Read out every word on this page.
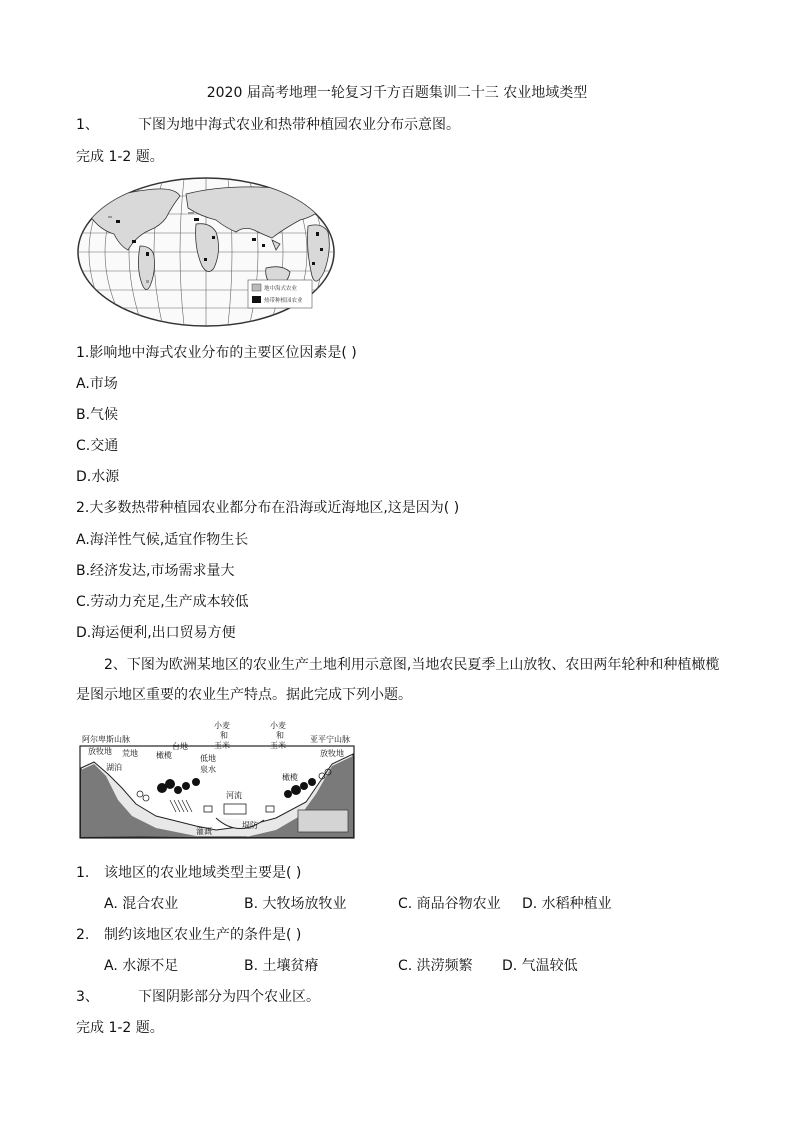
2020 届高考地理一轮复习千方百题集训二十三 农业地域类型
1、	下图为地中海式农业和热带种植园农业分布示意图。
完成 1-2 题。
地中海式农业
热带种植园农业
1.影响地中海式农业分布的主要区位因素是( )
A.市场
B.气候
C.交通
D.水源
2.大多数热带种植园农业都分布在沿海或近海地区,这是因为( )
A.海洋性气候,适宜作物生长
B.经济发达,市场需求量大
C.劳动力充足,生产成本较低
D.海运便利,出口贸易方便
2、下图为欧洲某地区的农业生产土地利用示意图,当地农民夏季上山放牧、农田两年轮种和种植橄榄
是图示地区重要的农业生产特点。据此完成下列小题。
阿尔卑斯山脉
放牧地 荒地
湖泊
台地
橄榄	低地
泉水
小麦
和
玉米
小麦
和
玉米
河流
堤防
灌溉
亚平宁山脉
放牧地
橄榄
1. 该地区的农业地域类型主要是( )
A. 混合农业	B. 大牧场放牧业	C. 商品谷物农业 D. 水稻种植业
2. 制约该地区农业生产的条件是( )
A. 水源不足	B. 土壤贫瘠	C. 洪涝频繁 D. 气温较低
3、	下图阴影部分为四个农业区。
完成 1-2 题。
